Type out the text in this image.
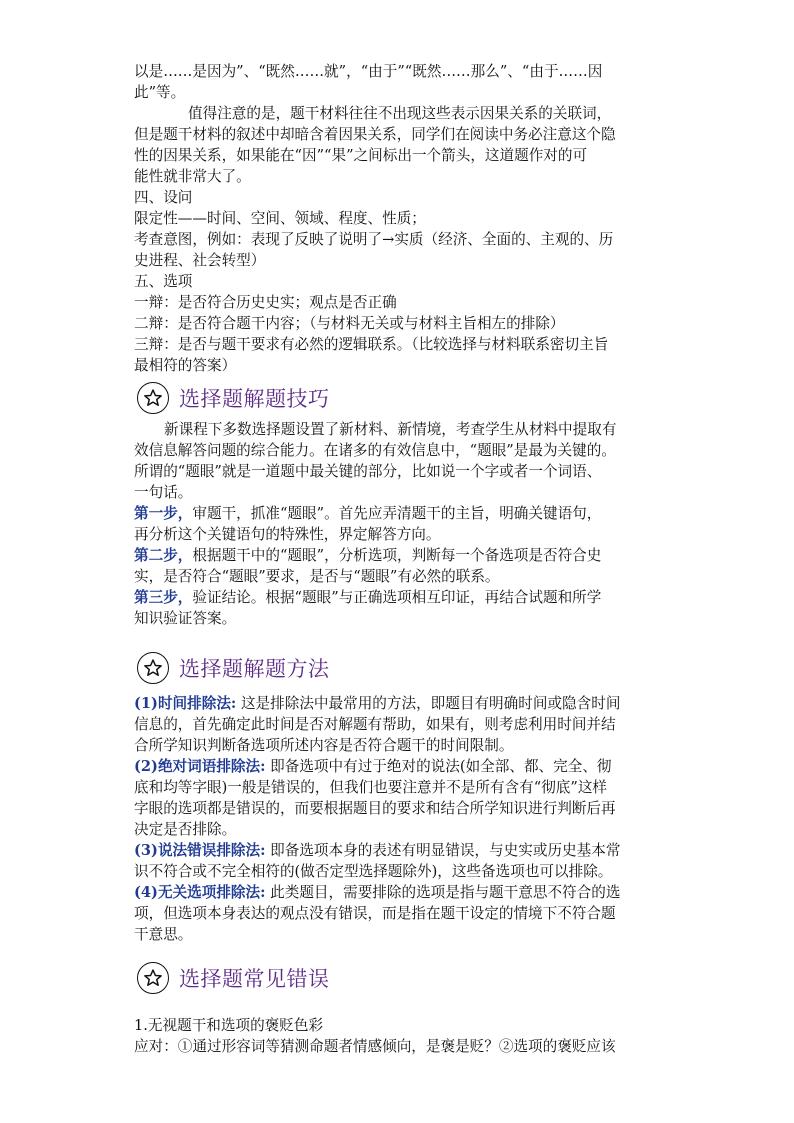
以是……是因为”、“既然……就”，“由于”“既然……那么”、“由于……因
此”等。
值得注意的是，题干材料往往不出现这些表示因果关系的关联词，
但是题干材料的叙述中却暗含着因果关系，同学们在阅读中务必注意这个隐
性的因果关系，如果能在“因”“果”之间标出一个箭头，这道题作对的可
能性就非常大了。
四、设问
限定性——时间、空间、领域、程度、性质；
考查意图，例如：表现了反映了说明了→实质（经济、全面的、主观的、历
史进程、社会转型）
五、选项
一辩：是否符合历史史实；观点是否正确
二辩：是否符合题干内容；（与材料无关或与材料主旨相左的排除）
三辩：是否与题干要求有必然的逻辑联系。（比较选择与材料联系密切主旨
最相符的答案）
选择题解题技巧
新课程下多数选择题设置了新材料、新情境，考查学生从材料中提取有
效信息解答问题的综合能力。在诸多的有效信息中，“题眼”是最为关键的。
所谓的“题眼”就是一道题中最关键的部分，比如说一个字或者一个词语、
一句话。
第一步，审题干，抓准“题眼”。首先应弄清题干的主旨，明确关键语句，
再分析这个关键语句的特殊性，界定解答方向。
第二步，根据题干中的“题眼”，分析选项，判断每一个备选项是否符合史
实，是否符合“题眼”要求，是否与“题眼”有必然的联系。
第三步，验证结论。根据“题眼”与正确选项相互印证，再结合试题和所学
知识验证答案。
选择题解题方法
(1)时间排除法: 这是排除法中最常用的方法，即题目有明确时间或隐含时间
信息的，首先确定此时间是否对解题有帮助，如果有，则考虑利用时间并结
合所学知识判断备选项所述内容是否符合题干的时间限制。
(2)绝对词语排除法: 即备选项中有过于绝对的说法(如全部、都、完全、彻
底和均等字眼)一般是错误的，但我们也要注意并不是所有含有“彻底”这样
字眼的选项都是错误的，而要根据题目的要求和结合所学知识进行判断后再
决定是否排除。
(3)说法错误排除法: 即备选项本身的表述有明显错误，与史实或历史基本常
识不符合或不完全相符的(做否定型选择题除外)，这些备选项也可以排除。
(4)无关选项排除法: 此类题目，需要排除的选项是指与题干意思不符合的选
项，但选项本身表达的观点没有错误，而是指在题干设定的情境下不符合题
干意思。
选择题常见错误
1.无视题干和选项的褒贬色彩
应对：①通过形容词等猜测命题者情感倾向，是褒是贬？②选项的褒贬应该
